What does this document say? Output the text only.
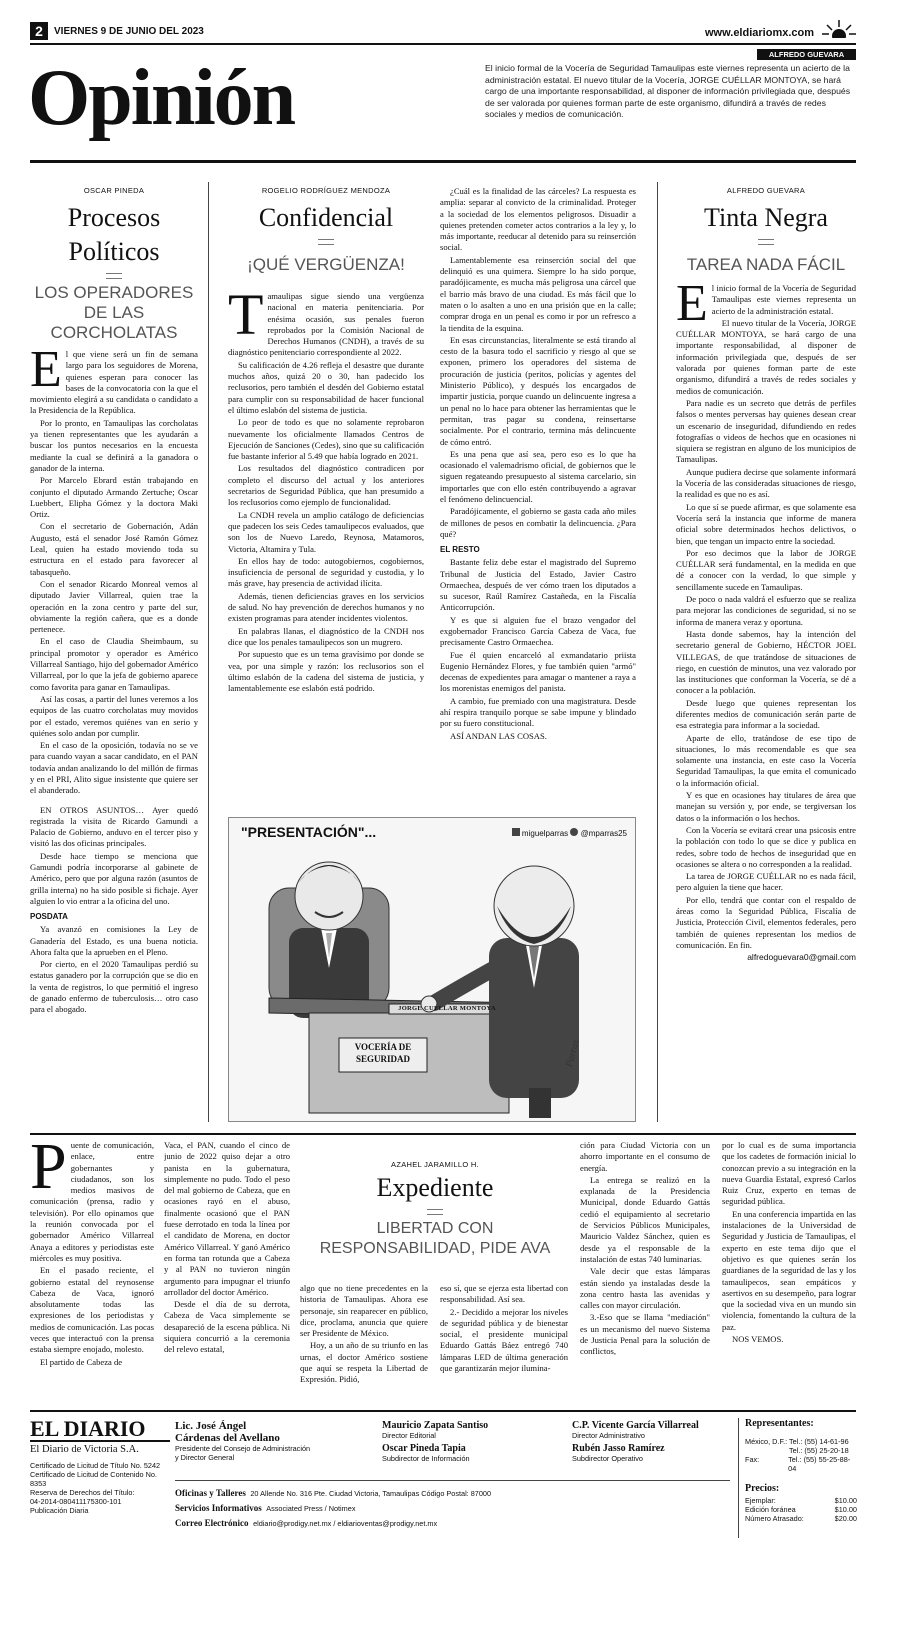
2	VIERNES 9 DE JUNIO DEL 2023	www.eldiariomx.com
Opinión	ALFREDO GUEVARA
El inicio formal de la Vocería de Seguridad Tamaulipas este viernes representa un acierto de la administración estatal. El nuevo titular de la Vocería, JORGE CUÉLLAR MONTOYA, se hará cargo de una importante responsabilidad, al disponer de información privilegiada que, después de ser valorada por quienes forman parte de este organismo, difundirá a través de redes sociales y medios de comunicación.
OSCAR PINEDA
Procesos
Políticos
LOS OPERADORES DE LAS CORCHOLATAS
E l que viene será un fin de semana largo para los seguidores de Morena, quienes esperan para conocer las bases de la convocatoria con la que el movimiento elegirá a su candidata o candidato a la Presidencia de la República.

Por lo pronto, en Tamaulipas las corcholatas ya tienen representantes que les ayudarán a buscar los puntos necesarios en la encuesta mediante la cual se definirá a la ganadora o ganador de la interna.

Por Marcelo Ebrard están trabajando en conjunto el diputado Armando Zertuche; Oscar Luebbert, Elipha Gómez y la doctora Maki Ortiz.

Con el secretario de Gobernación, Adán Augusto, está el senador José Ramón Gómez Leal, quien ha estado moviendo toda su estructura en el estado para favorecer al tabasqueño.

Con el senador Ricardo Monreal vemos al diputado Javier Villarreal, quien trae la operación en la zona centro y parte del sur, obviamente la región cañera, que es a donde pertenece.

En el caso de Claudia Sheimbaum, su principal promotor y operador es Américo Villarreal Santiago, hijo del gobernador Américo Villarreal, por lo que la jefa de gobierno aparece como favorita para ganar en Tamaulipas.

Así las cosas, a partir del lunes veremos a los equipos de las cuatro corcholatas muy movidos por el estado, veremos quiénes van en serio y quiénes solo andan por cumplir.

En el caso de la oposición, todavía no se ve para cuando vayan a sacar candidato, en el PAN todavía andan analizando lo del millón de firmas y en el PRI, Alito sigue insistente que quiere ser el abanderado.

EN OTROS ASUNTOS… Ayer quedó registrada la visita de Ricardo Gamundi a Palacio de Gobierno, anduvo en el tercer piso y visitó las dos oficinas principales.

Desde hace tiempo se menciona que Gamundi podría incorporarse al gabinete de Américo, pero que por alguna razón (asuntos de grilla interna) no ha sido posible si fichaje. Ayer alguien lo vio entrar a la oficina del uno.

POSDATA

Ya avanzó en comisiones la Ley de Ganadería del Estado, es una buena noticia. Ahora falta que la aprueben en el Pleno.

Por cierto, en el 2020 Tamaulipas perdió su estatus ganadero por la corrupción que se dio en la venta de registros, lo que permitió el ingreso de ganado enfermo de tuberculosis… otro caso para el abogado.

ROGELIO RODRÍGUEZ MENDOZA
Confidencial
¡QUÉ VERGÜENZA!
T amaulipas sigue siendo una vergüenza nacional en materia penitenciaria. Por enésima ocasión, sus penales fueron reprobados por la Comisión Nacional de Derechos Humanos (CNDH), a través de su diagnóstico penitenciario correspondiente al 2022.

Su calificación de 4.26 refleja el desastre que durante muchos años, quizá 20 o 30, han padecido los reclusorios, pero también el desdén del Gobierno estatal para cumplir con su responsabilidad de hacer funcional el último eslabón del sistema de justicia.

Lo peor de todo es que no solamente reprobaron nuevamente los oficialmente llamados Centros de Ejecución de Sanciones (Cedes), sino que su calificación fue bastante inferior al 5.49 que había logrado en 2021.

Los resultados del diagnóstico contradicen por completo el discurso del actual y los anteriores secretarios de Seguridad Pública, que han presumido a los reclusorios como ejemplo de funcionalidad.

La CNDH revela un amplio catálogo de deficiencias que padecen los seis Cedes tamaulipecos evaluados, que son los de Nuevo Laredo, Reynosa, Matamoros, Victoria, Altamira y Tula.

En ellos hay de todo: autogobiernos, cogobiernos, insuficiencia de personal de seguridad y custodia, y lo más grave, hay presencia de actividad ilícita.

Además, tienen deficiencias graves en los servicios de salud. No hay prevención de derechos humanos y no existen programas para atender incidentes violentos.

En palabras llanas, el diagnóstico de la CNDH nos dice que los penales tamaulipecos son un mugrero.

Por supuesto que es un tema gravísimo por donde se vea, por una simple y razón: los reclusorios son el último eslabón de la cadena del sistema de justicia, y lamentablemente ese eslabón está podrido.

¿Cuál es la finalidad de las cárceles? La respuesta es amplia: separar al convicto de la criminalidad. Proteger a la sociedad de los elementos peligrosos. Disuadir a quienes pretenden cometer actos contrarios a la ley y, lo más importante, reeducar al detenido para su reinserción social.

Lamentablemente esa reinserción social del que delinquió es una quimera. Siempre lo ha sido porque, paradójicamente, es mucha más peligrosa una cárcel que el barrio más bravo de una ciudad. Es más fácil que lo maten o lo asalten a uno en una prisión que en la calle; comprar droga en un penal es como ir por un refresco a la tiendita de la esquina.

En esas circunstancias, literalmente se está tirando al cesto de la basura todo el sacrificio y riesgo al que se exponen, primero los operadores del sistema de procuración de justicia (peritos, policías y agentes del Ministerio Público), y después los encargados de impartir justicia, porque cuando un delincuente ingresa a un penal no lo hace para obtener las herramientas que le permitan, tras pagar su condena, reinsertarse socialmente. Por el contrario, termina más delincuente de cómo entró.

Es una pena que así sea, pero eso es lo que ha ocasionado el valemadrismo oficial, de gobiernos que le siguen regateando presupuesto al sistema carcelario, sin importarles que con ello estén contribuyendo a agravar el fenómeno delincuencial.

Paradójicamente, el gobierno se gasta cada año miles de millones de pesos en combatir la delincuencia. ¿Para qué?

EL RESTO

Bastante feliz debe estar el magistrado del Supremo Tribunal de Justicia del Estado, Javier Castro Ormaechea, después de ver cómo traen los diputados a su sucesor, Raúl Ramírez Castañeda, en la Fiscalía Anticorrupción.

Y es que si alguien fue el brazo vengador del exgobernador Francisco García Cabeza de Vaca, fue precisamente Castro Ormaechea.

Fue él quien encarceló al exmandatario priista Eugenio Hernández Flores, y fue también quien "armó" decenas de expedientes para amagar o mantener a raya a los morenistas enemigos del panista.

A cambio, fue premiado con una magistratura. Desde ahí respira tranquilo porque se sabe impune y blindado por su fuero constitucional.

ASÍ ANDAN LAS COSAS.

"PRESENTACIÓN"...	miguelparras @mparras25
JORGE CUÉLLAR MONTOYA
VOCERÍA DE
SEGURIDAD	Parras
ALFREDO GUEVARA
Tinta Negra
TAREA NADA FÁCIL
E l inicio formal de la Vocería de Seguridad Tamaulipas este viernes representa un acierto de la administración estatal.

El nuevo titular de la Vocería, JORGE CUÉLLAR MONTOYA, se hará cargo de una importante responsabilidad, al disponer de información privilegiada que, después de ser valorada por quienes forman parte de este organismo, difundirá a través de redes sociales y medios de comunicación.

Para nadie es un secreto que detrás de perfiles falsos o mentes perversas hay quienes desean crear un escenario de inseguridad, difundiendo en redes fotografías o videos de hechos que en ocasiones ni siquiera se registran en alguno de los municipios de Tamaulipas.

Aunque pudiera decirse que solamente informará la Vocería de las consideradas situaciones de riesgo, la realidad es que no es así.

Lo que sí se puede afirmar, es que solamente esa Vocería será la instancia que informe de manera oficial sobre determinados hechos delictivos, o bien, que tengan un impacto entre la sociedad.

Por eso decimos que la labor de JORGE CUÉLLAR será fundamental, en la medida en que dé a conocer con la verdad, lo que simple y sencillamente sucede en Tamaulipas.

De poco o nada valdrá el esfuerzo que se realiza para mejorar las condiciones de seguridad, si no se informa de manera veraz y oportuna.

Hasta donde sabemos, hay la intención del secretario general de Gobierno, HÉCTOR JOEL VILLEGAS, de que tratándose de situaciones de riego, en cuestión de minutos, una vez valorado por las instituciones que conforman la Vocería, se dé a conocer a la población.

Desde luego que quienes representan los diferentes medios de comunicación serán parte de esa estrategia para informar a la sociedad.

Aparte de ello, tratándose de ese tipo de situaciones, lo más recomendable es que sea solamente una instancia, en este caso la Vocería Seguridad Tamaulipas, la que emita el comunicado o la información oficial.

Y es que en ocasiones hay titulares de área que manejan su versión y, por ende, se tergiversan los datos o la información o los hechos.

Con la Vocería se evitará crear una psicosis entre la población con todo lo que se dice y publica en redes, sobre todo de hechos de inseguridad que en ocasiones se altera o no corresponden a la realidad.

La tarea de JORGE CUÉLLAR no es nada fácil, pero alguien la tiene que hacer.

Por ello, tendrá que contar con el respaldo de áreas como la Seguridad Pública, Fiscalía de Justicia, Protección Civil, elementos federales, pero también de quienes representan los medios de comunicación. En fin.

alfredoguevara0@gmail.com
P uente de comunicación, enlace, entre gobernantes y ciudadanos, son los medios masivos de comunicación (prensa, radio y televisión). Por ello opinamos que la reunión convocada por el gobernador Américo Villarreal Anaya a editores y periodistas este miércoles es muy positiva.

En el pasado reciente, el gobierno estatal del reynosense Cabeza de Vaca, ignoró absolutamente todas las expresiones de los periodistas y medios de comunicación. Las pocas veces que interactuó con la prensa estaba siempre enojado, molesto.

El partido de Cabeza de

Vaca, el PAN, cuando el cinco de junio de 2022 quiso dejar a otro panista en la gubernatura, simplemente no pudo. Todo el peso del mal gobierno de Cabeza, que en ocasiones rayó en el abuso, finalmente ocasionó que el PAN fuese derrotado en toda la línea por el candidato de Morena, en doctor Américo Villarreal. Y ganó Américo en forma tan rotunda que a Cabeza y al PAN no tuvieron ningún argumento para impugnar el triunfo arrollador del doctor Américo.

Desde el día de su derrota, Cabeza de Vaca simplemente se desapareció de la escena pública. Ni siquiera concurrió a la ceremonia del relevo estatal,

AZAHEL JARAMILLO H.
Expediente
LIBERTAD CON RESPONSABILIDAD, PIDE AVA

algo que no tiene precedentes en la historia de Tamaulipas. Ahora ese personaje, sin reaparecer en público, dice, proclama, anuncia que quiere ser Presidente de México.

Hoy, a un año de su triunfo en las urnas, el doctor Américo sostiene que aquí se respeta la Libertad de Expresión. Pidió,

eso sí, que se ejerza esta libertad con responsabilidad. Así sea.

2.- Decidido a mejorar los niveles de seguridad pública y de bienestar social, el presidente municipal Eduardo Gattás Báez entregó 740 lámparas LED de última generación que garantizarán mejor ilumina-

ción para Ciudad Victoria con un ahorro importante en el consumo de energía.

La entrega se realizó en la explanada de la Presidencia Municipal, donde Eduardo Gattás cedió el equipamiento al secretario de Servicios Públicos Municipales, Mauricio Valdez Sánchez, quien es desde ya el responsable de la instalación de estas 740 luminarias.

Vale decir que estas lámparas están siendo ya instaladas desde la zona centro hasta las avenidas y calles con mayor circulación.

3.-Eso que se llama "mediación" es un mecanismo del nuevo Sistema de Justicia Penal para la solución de conflictos,

por lo cual es de suma importancia que los cadetes de formación inicial lo conozcan previo a su integración en la nueva Guardia Estatal, expresó Carlos Ruiz Cruz, experto en temas de seguridad pública.

En una conferencia impartida en las instalaciones de la Universidad de Seguridad y Justicia de Tamaulipas, el experto en este tema dijo que el objetivo es que quienes serán los guardianes de la seguridad de las y los tamaulipecos, sean empáticos y asertivos en su desempeño, para lograr que la sociedad viva en un mundo sin violencia, fomentando la cultura de la paz.

NOS VEMOS.

EL DIARIO
El Diario de Victoria S.A.
Certificado de Licitud de Título No. 5242
Certificado de Licitud de Contenido No. 8353
Reserva de Derechos del Título:
04-2014-080411175300-101
Publicación Diaria
Lic. José Ángel
Cárdenas del Avellano
Presidente del Consejo de Administración
y Director General
Mauricio Zapata Santiso
Director Editorial
Oscar Pineda Tapia
Subdirector de Información
C.P. Vicente García Villarreal
Director Administrativo
Rubén Jasso Ramírez
Subdirector Operativo
Oficinas y Talleres 20 Allende No. 316 Pte. Ciudad Victoria, Tamaulipas Código Postal: 87000
Servicios Informativos Associated Press / Notimex
Correo Electrónico eldiario@prodigy.net.mx / eldiarioventas@prodigy.net.mx
Representantes:
México, D.F.: Tel.: (55) 14-61-96
Tel.: (55) 25-20-18
Fax:	Tel.: (55) 55-25-88-04
Precios:
Ejemplar:	$10.00
Edición foránea	$10.00
Número Atrasado:	$20.00
